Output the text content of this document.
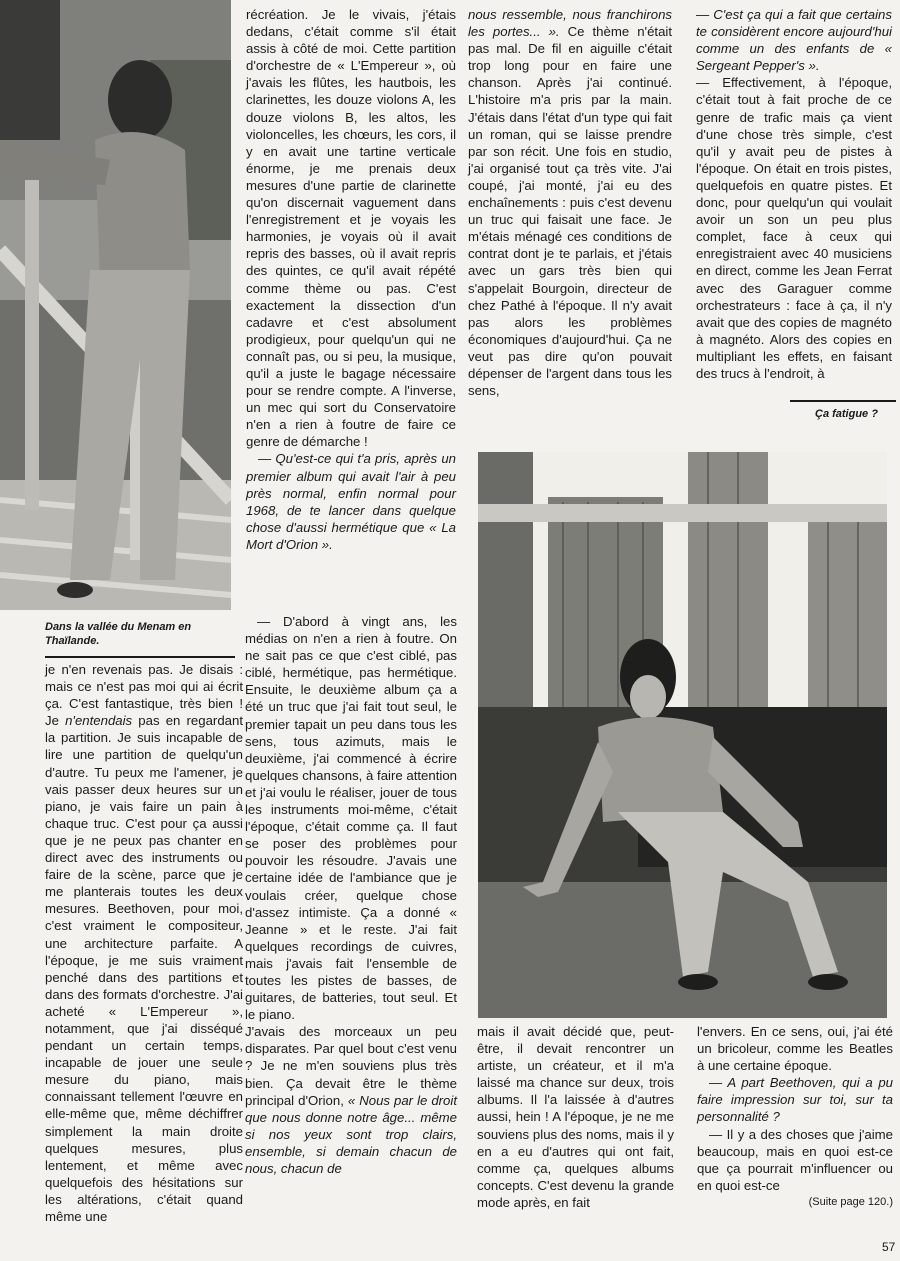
Dans la vallée du Menam en Thaïlande.
Ça fatigue ?

récréation. Je le vivais, j'étais dedans, c'était comme s'il était assis à côté de moi. Cette partition d'orchestre de « L'Empereur », où j'avais les flûtes, les hautbois, les clarinettes, les douze violons A, les douze violons B, les altos, les violoncelles, les chœurs, les cors, il y en avait une tartine verticale énorme, je me prenais deux mesures d'une partie de clarinette qu'on discernait vaguement dans l'enregistrement et je voyais les harmonies, je voyais où il avait repris des basses, où il avait repris des quintes, ce qu'il avait répété comme thème ou pas. C'est exactement la dissection d'un cadavre et c'est absolument prodigieux, pour quelqu'un qui ne connaît pas, ou si peu, la musique, qu'il a juste le bagage nécessaire pour se rendre compte. A l'inverse, un mec qui sort du Conservatoire n'en a rien à foutre de faire ce genre de démarche !

— Qu'est-ce qui t'a pris, après un premier album qui avait l'air à peu près normal, enfin normal pour 1968, de te lancer dans quelque chose d'aussi hermétique que « La Mort d'Orion ».

— D'abord à vingt ans, les médias on n'en a rien à foutre. On ne sait pas ce que c'est ciblé, pas ciblé, hermétique, pas hermétique. Ensuite, le deuxième album ça a été un truc que j'ai fait tout seul, le premier tapait un peu dans tous les sens, tous azimuts, mais le deuxième, j'ai commencé à écrire quelques chansons, à faire attention et j'ai voulu le réaliser, jouer de tous les instruments moi-même, c'était l'époque, c'était comme ça. Il faut se poser des problèmes pour pouvoir les résoudre. J'avais une certaine idée de l'ambiance que je voulais créer, quelque chose d'assez intimiste. Ça a donné « Jeanne » et le reste. J'ai fait quelques recordings de cuivres, mais j'avais fait l'ensemble de toutes les pistes de basses, de guitares, de batteries, tout seul. Et le piano.

J'avais des morceaux un peu disparates. Par quel bout c'est venu ? Je ne m'en souviens plus très bien. Ça devait être le thème principal d'Orion, « Nous par le droit que nous donne notre âge... même si nos yeux sont trop clairs, ensemble, si demain chacun de nous, chacun de

nous ressemble, nous franchirons les portes... ». Ce thème n'était pas mal. De fil en aiguille c'était trop long pour en faire une chanson. Après j'ai continué. L'histoire m'a pris par la main. J'étais dans l'état d'un type qui fait un roman, qui se laisse prendre par son récit. Une fois en studio, j'ai organisé tout ça très vite. J'ai coupé, j'ai monté, j'ai eu des enchaînements : puis c'est devenu un truc qui faisait une face. Je m'étais ménagé ces conditions de contrat dont je te parlais, et j'étais avec un gars très bien qui s'appelait Bourgoin, directeur de chez Pathé à l'époque. Il n'y avait pas alors les problèmes économiques d'aujourd'hui. Ça ne veut pas dire qu'on pouvait dépenser de l'argent dans tous les sens,

mais il avait décidé que, peut-être, il devait rencontrer un artiste, un créateur, et il m'a laissé ma chance sur deux, trois albums. Il l'a laissée à d'autres aussi, hein ! A l'époque, je ne me souviens plus des noms, mais il y en a eu d'autres qui ont fait, comme ça, quelques albums concepts. C'est devenu la grande mode après, en fait

— C'est ça qui a fait que certains te considèrent encore aujourd'hui comme un des enfants de « Sergeant Pepper's ».

— Effectivement, à l'époque, c'était tout à fait proche de ce genre de trafic mais ça vient d'une chose très simple, c'est qu'il y avait peu de pistes à l'époque. On était en trois pistes, quelquefois en quatre pistes. Et donc, pour quelqu'un qui voulait avoir un son un peu plus complet, face à ceux qui enregistraient avec 40 musiciens en direct, comme les Jean Ferrat avec des Garaguer comme orchestrateurs : face à ça, il n'y avait que des copies de magnéto à magnéto. Alors des copies en multipliant les effets, en faisant des trucs à l'endroit, à

l'envers. En ce sens, oui, j'ai été un bricoleur, comme les Beatles à une certaine époque.

— A part Beethoven, qui a pu faire impression sur toi, sur ta personnalité ?

— Il y a des choses que j'aime beaucoup, mais en quoi est-ce que ça pourrait m'influencer ou en quoi est-ce

(Suite page 120.)

je n'en revenais pas. Je disais : mais ce n'est pas moi qui ai écrit ça. C'est fantastique, très bien ! Je n'entendais pas en regardant la partition. Je suis incapable de lire une partition de quelqu'un d'autre. Tu peux me l'amener, je vais passer deux heures sur un piano, je vais faire un pain à chaque truc. C'est pour ça aussi que je ne peux pas chanter en direct avec des instruments ou faire de la scène, parce que je me planterais toutes les deux mesures. Beethoven, pour moi, c'est vraiment le compositeur, une architecture parfaite. A l'époque, je me suis vraiment penché dans des partitions et dans des formats d'orchestre. J'ai acheté « L'Empereur », notamment, que j'ai disséqué pendant un certain temps, incapable de jouer une seule mesure du piano, mais connaissant tellement l'œuvre en elle-même que, même déchiffrer simplement la main droite quelques mesures, plus lentement, et même avec quelquefois des hésitations sur les altérations, c'était quand même une

57
